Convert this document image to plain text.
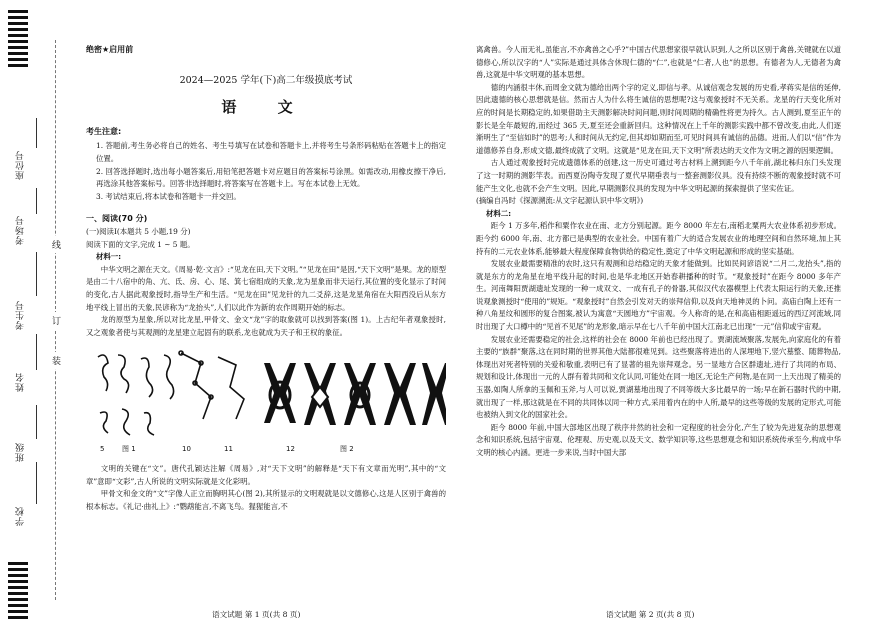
座位号
考场号
考生号
姓名
班级
学校
线
订
装
绝密★启用前
2024—2025 学年(下)高二年级摸底考试
语 文
考生注意:

1. 答题前,考生务必将自己的姓名、考生号填写在试卷和答题卡上,并将考生号条形码粘贴在答题卡上的指定位置。

2. 回答选择题时,选出每小题答案后,用铅笔把答题卡对应题目的答案标号涂黑。如需改动,用橡皮擦干净后,再选涂其他答案标号。回答非选择题时,将答案写在答题卡上。写在本试卷上无效。

3. 考试结束后,将本试卷和答题卡一并交回。

一、阅读(70 分)

(一)阅读Ⅰ(本题共 5 小题,19 分)

阅读下面的文字,完成 1 ~ 5 题。

材料一:

中华文明之源在天文。《周易·乾·文言》:“见龙在田,天下文明。”“见龙在田”是因,“天下文明”是果。龙的原型是由二十八宿中的角、亢、氐、房、心、尾、箕七宿组成的天象,龙为星象而非天运行,其位置的变化显示了时间的变化,古人据此观象授时,指导生产和生活。“见龙在田”见龙针的九二爻辞,这是龙星角宿在大阳西没后从东方地平线上冒出的天象,民谚称为“龙抬头”,人们以此作为新的农作周期开始的标志。

龙的原型为星象,所以对比龙星,甲骨文、金文“龙”字的取象就可以找到答案(图 1)。上古纪年者观象授时,又之观象者使与其观测的龙星建立起固有的联系,龙也就成为天子和王权的象征。

5	图 1	10	11	12	图 2

文明的关键在“文”。唐代孔颖达注解《周易》,对“天下文明”的解释是“天下有文章而光明”,其中的“文章”意即“文彩”,古人所说的文明实际就是文化彩明。

甲骨文和金文的“文”字像人正立而胸明其心(图 2),其所显示的文明观就是以文德修心,这是人区别于禽兽的根本标志。《礼记·曲礼上》:“鹦鹉能言,不离飞鸟。猩猩能言,不

离禽兽。今人而无礼,虽能言,不亦禽兽之心乎?”中国古代思想家很早就认识到,人之所以区别于禽兽,关键就在以道德修心,所以汉字的“人”实际是通过具体含休现仁德的“仁”,也就是“仁者,人也”的思想。有德者为人,无德者为禽兽,这就是中华文明观的基本思想。

德的内涵很丰休,而周金文就为德给出两个字的定义,即信与孝。从诚信观念发展的历史看,孝蒋实是信的延伸,因此遗德的核心思想就是信。然而古人为什么将生诚信的思想呢?这与观象授时不无关系。龙星的行天变化所对应的时间是长期稳定的,如果借助主天测影解决时间问题,则时间周期的精确性将更为持久。古人测到,夏至正午的影长是全年最短的,而经过 365 天,夏至还会重新回归。这种情况在上千年的测影实践中都不曾改变,由此,人们逐渐明生了“至信如时”的思考;人和时间从无约定,但其却如期而至,可见时间具有诚信的品德。进而,人们以“信”作为道德修养自身,形成文德,最终成就了文明。这就是“见龙在田,天下文明”所表达的天文作为文明之源的因果逻辑。

古人通过观象授时完成遗德体系的创建,这一历史可通过考古材料上溯到距今八千年前,湖北秭归东门头发现了这一时期的测影竿表。而西夏汾陶寺发现了夏代早期垂表与一整套测影仪具。没有持续不断的观象授时就不可能产生文化,也就不会产生文明。因此,早期测影仪具的发现为中华文明起源的探索提供了坚实佐证。

(摘编自冯时《探源溯流:从文字起源认识中华文明》)

材料二:

距今 1 万多年,稻作和粟作农业在南、北方分别起源。距今 8000 年左右,南稻北粟两大农业体系初步形成。距今约 6000 年,南、北方都已是典型的农业社会。中国有着广大的适合发展农业的地理空间和自然环境,加上其持有的二元农业体系,能够最大程度保障食物供给的稳定性,奠定了中华文明起源和形成的坚实基础。

发展农业最需要精准的农时,这只有观测和总结稳定的天象才能做到。比如民间谚语说“二月二,龙抬头”,指的就是东方的龙角星在地平线升起的时间,也是华北地区开始春耕播种的时节。“观象授时”在距今 8000 多年产生。河南舞阳贾湖遗址发现的一种一成双文、一成有孔子的骨器,其似汉代农器模型上代表太阳运行的天象,还推说观象测授时“使用的”规矩。“观象授时”自然会引发对天的崇拜信仰,以及向天地神灵的卜问。高庙白陶上还有一种八角星纹和圆形的复合图案,被认为寓意“天圆地方”宇宙观。今人称奇的是,在和高庙相距遥远的西辽河流域,同时出现了大口樽中的“见首不见尾”的龙形象,暗示早在七八千年前中国大江南北已出现“一元”信仰或宇宙观。

发展农业还需要稳定的社会,这样的社会在 8000 年前也已经出现了。贾湖流域聚落,发展先,向家庭化的有着主要的“族群”聚落,这在同时期的世界其他大陆都很难见到。这些聚落将进出的人深埋地下,竖穴墓整、随葬物品,体现出对死者特别的关爱和敬重,表明已有了显著的祖先崇拜观念。另一显地方合区群遗址,进行了共同的布局、规划和设计,体现出一元的人群有着共同和文化认同,可能处在同一地区,无论生产何物,是在同一上天出现了精美的玉器,如陶人所拿的玉佩和玉斧,与人可以说,贾湖墓地出现了不同等级大多比最早的一场;早在新石器时代的中期,就出现了一样,那这就是在不同的共同体以同一种方式,采用着内在的中人所,最早的这些等级的发展的定形式,可能也被纳入到文化的国家社会。

距今 8000 年前,中国大部地区出现了秩序井然的社会和一定程度的社会分化,产生了较为先进复杂的思想观念和知识系统,包括宇宙观、伦理观、历史观,以及天文、数学知识等,这些思想观念和知识系统传承至今,构成中华文明的核心内涵。更进一步来说,当时中国大部

语文试题 第 1 页(共 8 页)	语文试题 第 2 页(共 8 页)
